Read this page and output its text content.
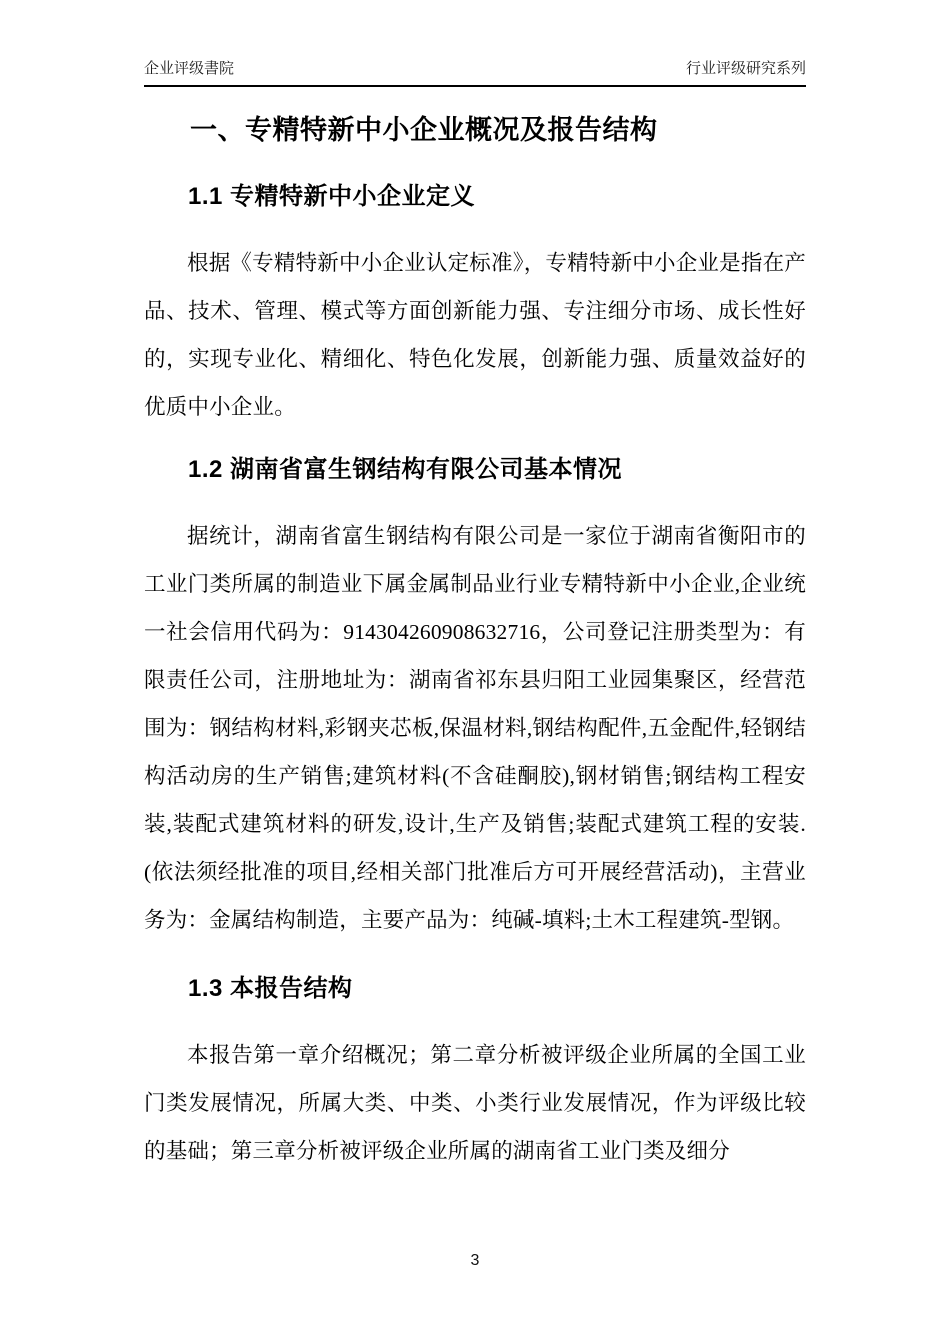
企业评级書院	行业评级研究系列
一、专精特新中小企业概况及报告结构
1.1 专精特新中小企业定义

根据《专精特新中小企业认定标准》，专精特新中小企业是指在产品、技术、管理、模式等方面创新能力强、专注细分市场、成长性好的，实现专业化、精细化、特色化发展，创新能力强、质量效益好的优质中小企业。

1.2 湖南省富生钢结构有限公司基本情况

据统计，湖南省富生钢结构有限公司是一家位于湖南省衡阳市的工业门类所属的制造业下属金属制品业行业专精特新中小企业,企业统一社会信用代码为：914304260908632716，公司登记注册类型为：有限责任公司，注册地址为：湖南省祁东县归阳工业园集聚区，经营范围为：钢结构材料,彩钢夹芯板,保温材料,钢结构配件,五金配件,轻钢结构活动房的生产销售;建筑材料(不含硅酮胶),钢材销售;钢结构工程安装,装配式建筑材料的研发,设计,生产及销售;装配式建筑工程的安装.(依法须经批准的项目,经相关部门批准后方可开展经营活动)，主营业务为：金属结构制造，主要产品为：纯碱-填料;土木工程建筑-型钢。

1.3 本报告结构

本报告第一章介绍概况；第二章分析被评级企业所属的全国工业门类发展情况，所属大类、中类、小类行业发展情况，作为评级比较的基础；第三章分析被评级企业所属的湖南省工业门类及细分

3
